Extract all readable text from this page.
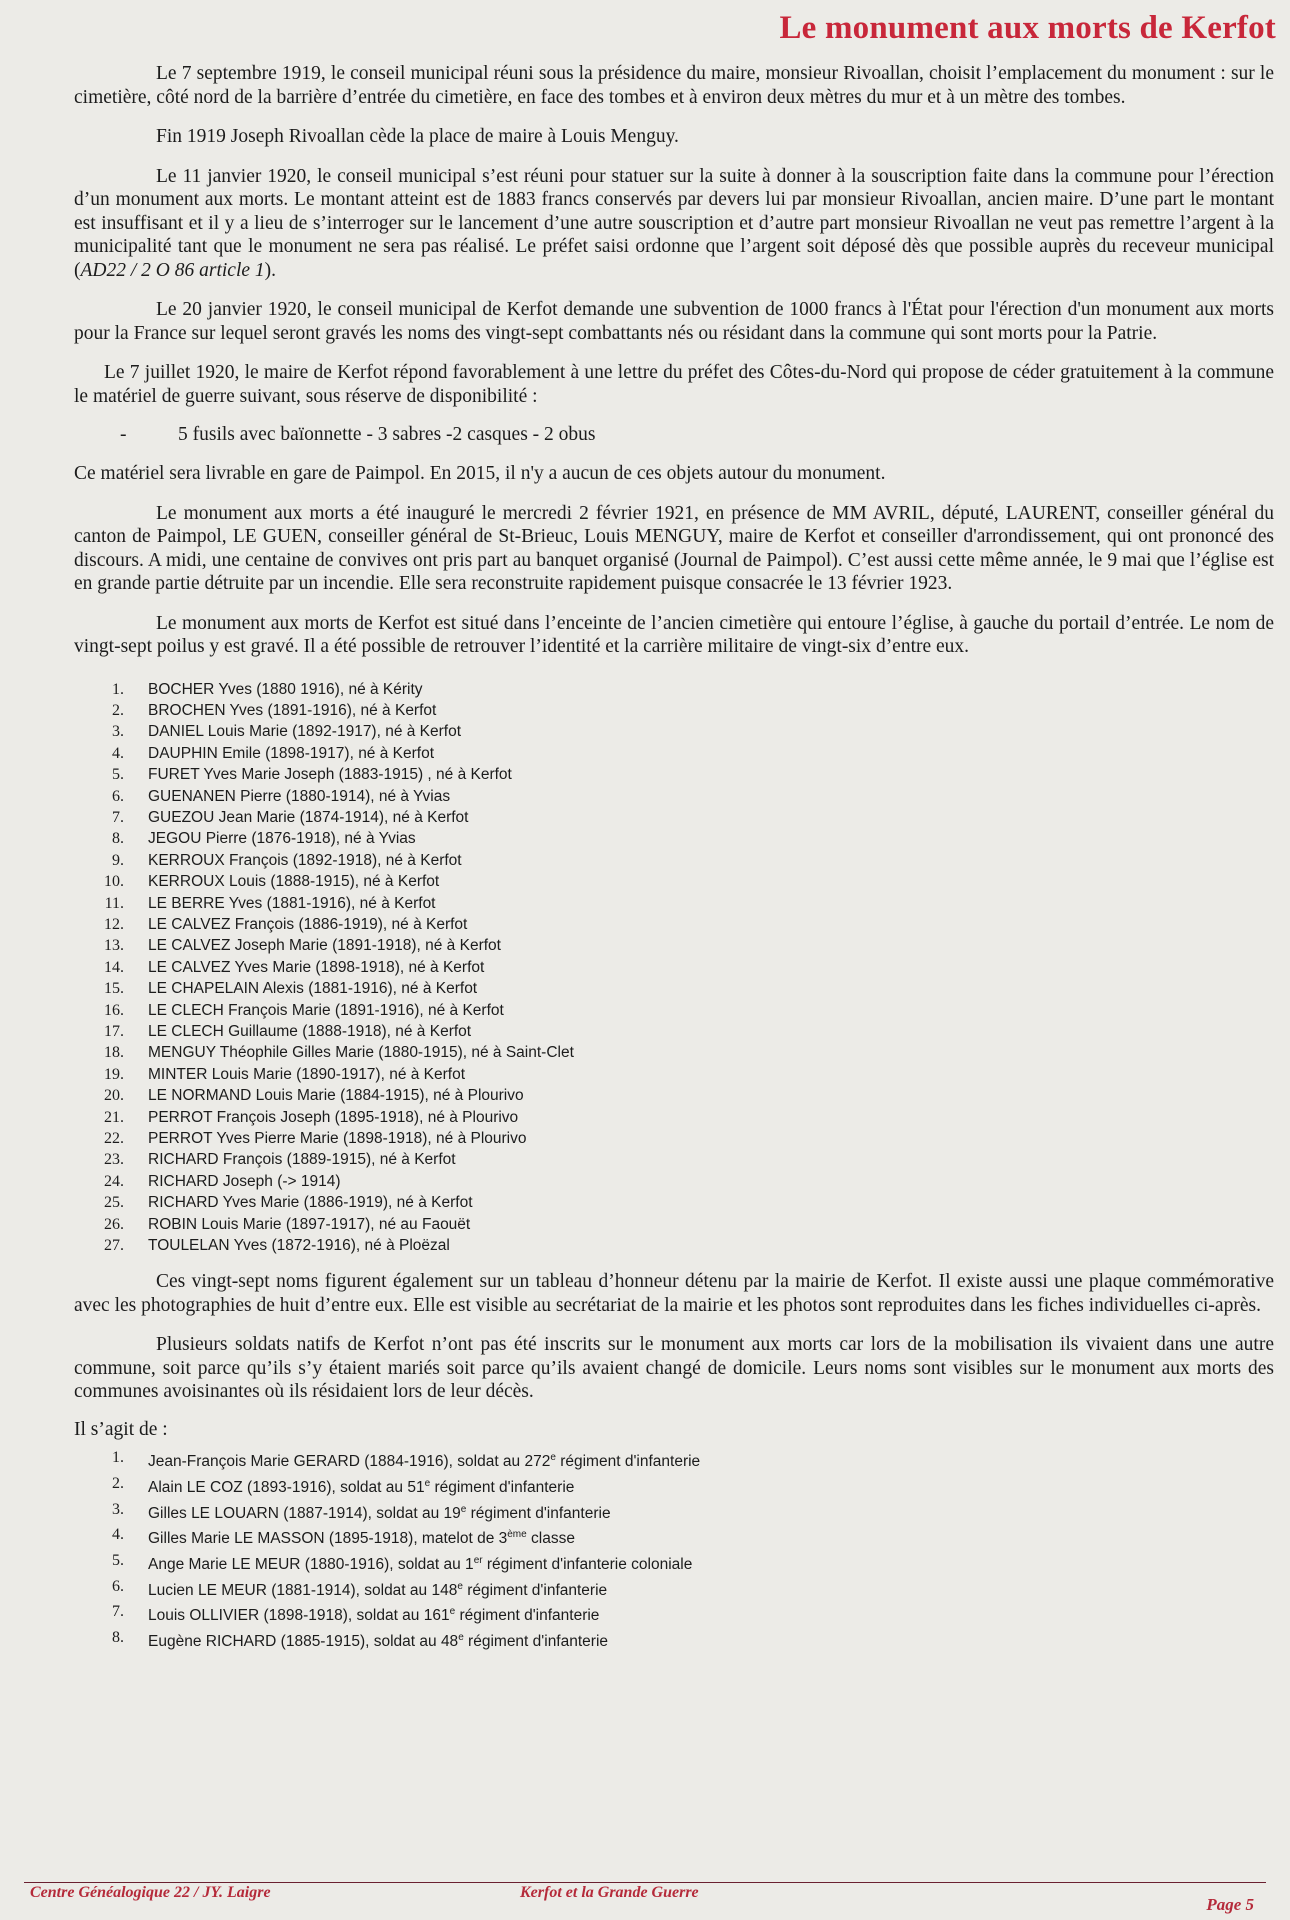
Le monument aux morts de Kerfot

Le 7 septembre 1919, le conseil municipal réuni sous la présidence du maire, monsieur Rivoallan, choisit l’emplacement du monument : sur le cimetière, côté nord de la barrière d’entrée du cimetière, en face des tombes et à environ deux mètres du mur et à un mètre des tombes.

Fin 1919 Joseph Rivoallan cède la place de maire à Louis Menguy.

Le 11 janvier 1920, le conseil municipal s’est réuni pour statuer sur la suite à donner à la souscription faite dans la commune pour l’érection d’un monument aux morts. Le montant atteint est de 1883 francs conservés par devers lui par monsieur Rivoallan, ancien maire. D’une part le montant est insuffisant et il y a lieu de s’interroger sur le lancement d’une autre souscription et d’autre part monsieur Rivoallan ne veut pas remettre l’argent à la municipalité tant que le monument ne sera pas réalisé. Le préfet saisi ordonne que l’argent soit déposé dès que possible auprès du receveur municipal (AD22 / 2 O 86 article 1).

Le 20 janvier 1920, le conseil municipal de Kerfot demande une subvention de 1000 francs à l'État pour l'érection d'un monument aux morts pour la France sur lequel seront gravés les noms des vingt-sept combattants nés ou résidant dans la commune qui sont morts pour la Patrie.

Le 7 juillet 1920, le maire de Kerfot répond favorablement à une lettre du préfet des Côtes-du-Nord qui propose de céder gratuitement à la commune le matériel de guerre suivant, sous réserve de disponibilité :

-	5 fusils avec baïonnette - 3 sabres -2 casques - 2 obus

Ce matériel sera livrable en gare de Paimpol. En 2015, il n'y a aucun de ces objets autour du monument.

Le monument aux morts a été inauguré le mercredi 2 février 1921, en présence de MM AVRIL, député, LAURENT, conseiller général du canton de Paimpol, LE GUEN, conseiller général de St-Brieuc, Louis MENGUY, maire de Kerfot et conseiller d'arrondissement, qui ont prononcé des discours. A midi, une centaine de convives ont pris part au banquet organisé (Journal de Paimpol). C’est aussi cette même année, le 9 mai que l’église est en grande partie détruite par un incendie. Elle sera reconstruite rapidement puisque consacrée le 13 février 1923.

Le monument aux morts de Kerfot est situé dans l’enceinte de l’ancien cimetière qui entoure l’église, à gauche du portail d’entrée. Le nom de vingt-sept poilus y est gravé. Il a été possible de retrouver l’identité et la carrière militaire de vingt-six d’entre eux.

1.	BOCHER Yves (1880 1916), né à Kérity
2.	BROCHEN Yves (1891-1916), né à Kerfot
3.	DANIEL Louis Marie (1892-1917), né à Kerfot
4.	DAUPHIN Emile (1898-1917), né à Kerfot
5.	FURET Yves Marie Joseph (1883-1915) , né à Kerfot
6.	GUENANEN Pierre (1880-1914), né à Yvias
7.	GUEZOU Jean Marie (1874-1914), né à Kerfot
8.	JEGOU Pierre (1876-1918), né à Yvias
9.	KERROUX François (1892-1918), né à Kerfot
10.	KERROUX Louis (1888-1915), né à Kerfot
11.	LE BERRE Yves (1881-1916), né à Kerfot
12.	LE CALVEZ François (1886-1919), né à Kerfot
13.	LE CALVEZ Joseph Marie (1891-1918), né à Kerfot
14.	LE CALVEZ Yves Marie (1898-1918), né à Kerfot
15.	LE CHAPELAIN Alexis (1881-1916), né à Kerfot
16.	LE CLECH François Marie (1891-1916), né à Kerfot
17.	LE CLECH Guillaume (1888-1918), né à Kerfot
18.	MENGUY Théophile Gilles Marie (1880-1915), né à Saint-Clet
19.	MINTER Louis Marie (1890-1917), né à Kerfot
20.	LE NORMAND Louis Marie (1884-1915), né à Plourivo
21.	PERROT François Joseph (1895-1918), né à Plourivo
22.	PERROT Yves Pierre Marie (1898-1918), né à Plourivo
23.	RICHARD François (1889-1915), né à Kerfot
24.	RICHARD Joseph (-> 1914)
25.	RICHARD Yves Marie (1886-1919), né à Kerfot
26.	ROBIN Louis Marie (1897-1917), né au Faouët
27.	TOULELAN Yves (1872-1916), né à Ploëzal

Ces vingt-sept noms figurent également sur un tableau d’honneur détenu par la mairie de Kerfot. Il existe aussi une plaque commémorative avec les photographies de huit d’entre eux. Elle est visible au secrétariat de la mairie et les photos sont reproduites dans les fiches individuelles ci-après.

Plusieurs soldats natifs de Kerfot n’ont pas été inscrits sur le monument aux morts car lors de la mobilisation ils vivaient dans une autre commune, soit parce qu’ils s’y étaient mariés soit parce qu’ils avaient changé de domicile. Leurs noms sont visibles sur le monument aux morts des communes avoisinantes où ils résidaient lors de leur décès.

Il s’agit de :

1.	Jean-François Marie GERARD (1884-1916), soldat au 272e régiment d'infanterie
2.	Alain LE COZ (1893-1916), soldat au 51e régiment d'infanterie
3.	Gilles LE LOUARN (1887-1914), soldat au 19e régiment d'infanterie
4.	Gilles Marie LE MASSON (1895-1918), matelot de 3ème classe
5.	Ange Marie LE MEUR (1880-1916), soldat au 1er régiment d'infanterie coloniale
6.	Lucien LE MEUR (1881-1914), soldat au 148e régiment d'infanterie
7.	Louis OLLIVIER (1898-1918), soldat au 161e régiment d'infanterie
8.	Eugène RICHARD (1885-1915), soldat au 48e régiment d'infanterie
Centre Généalogique 22 / JY. Laigre	Kerfot et la Grande Guerre
Page 5
